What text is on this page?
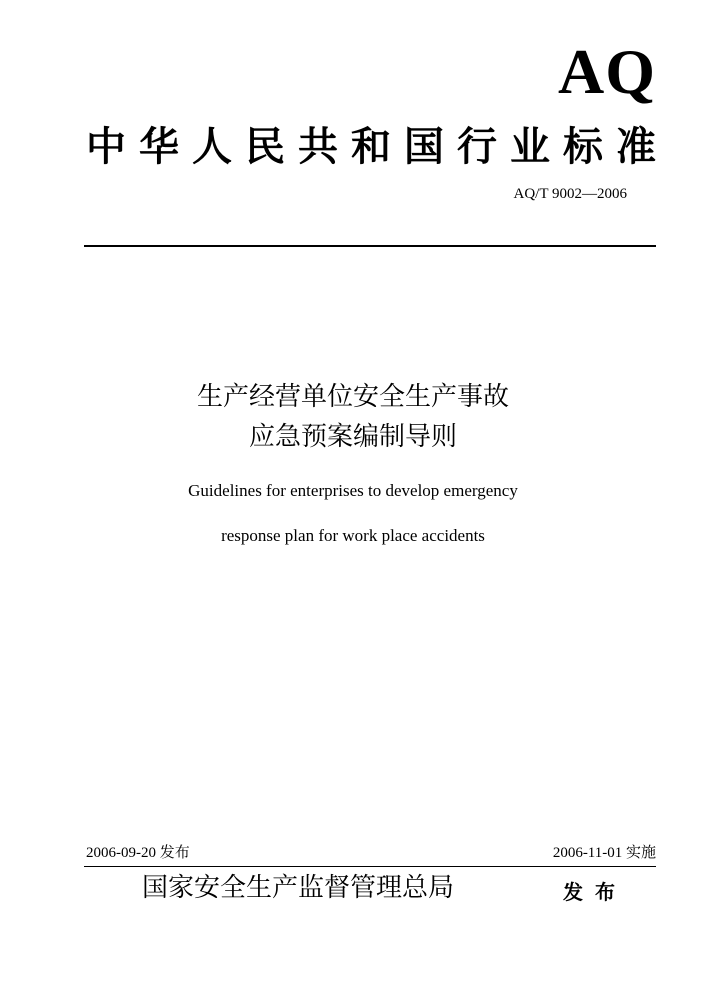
AQ
中华人民共和国行业标准
AQ/T 9002—2006
生产经营单位安全生产事故
应急预案编制导则
Guidelines for enterprises to develop emergency
response plan for work place accidents
2006-09-20 发布	2006-11-01 实施
国家安全生产监督管理总局	发布
